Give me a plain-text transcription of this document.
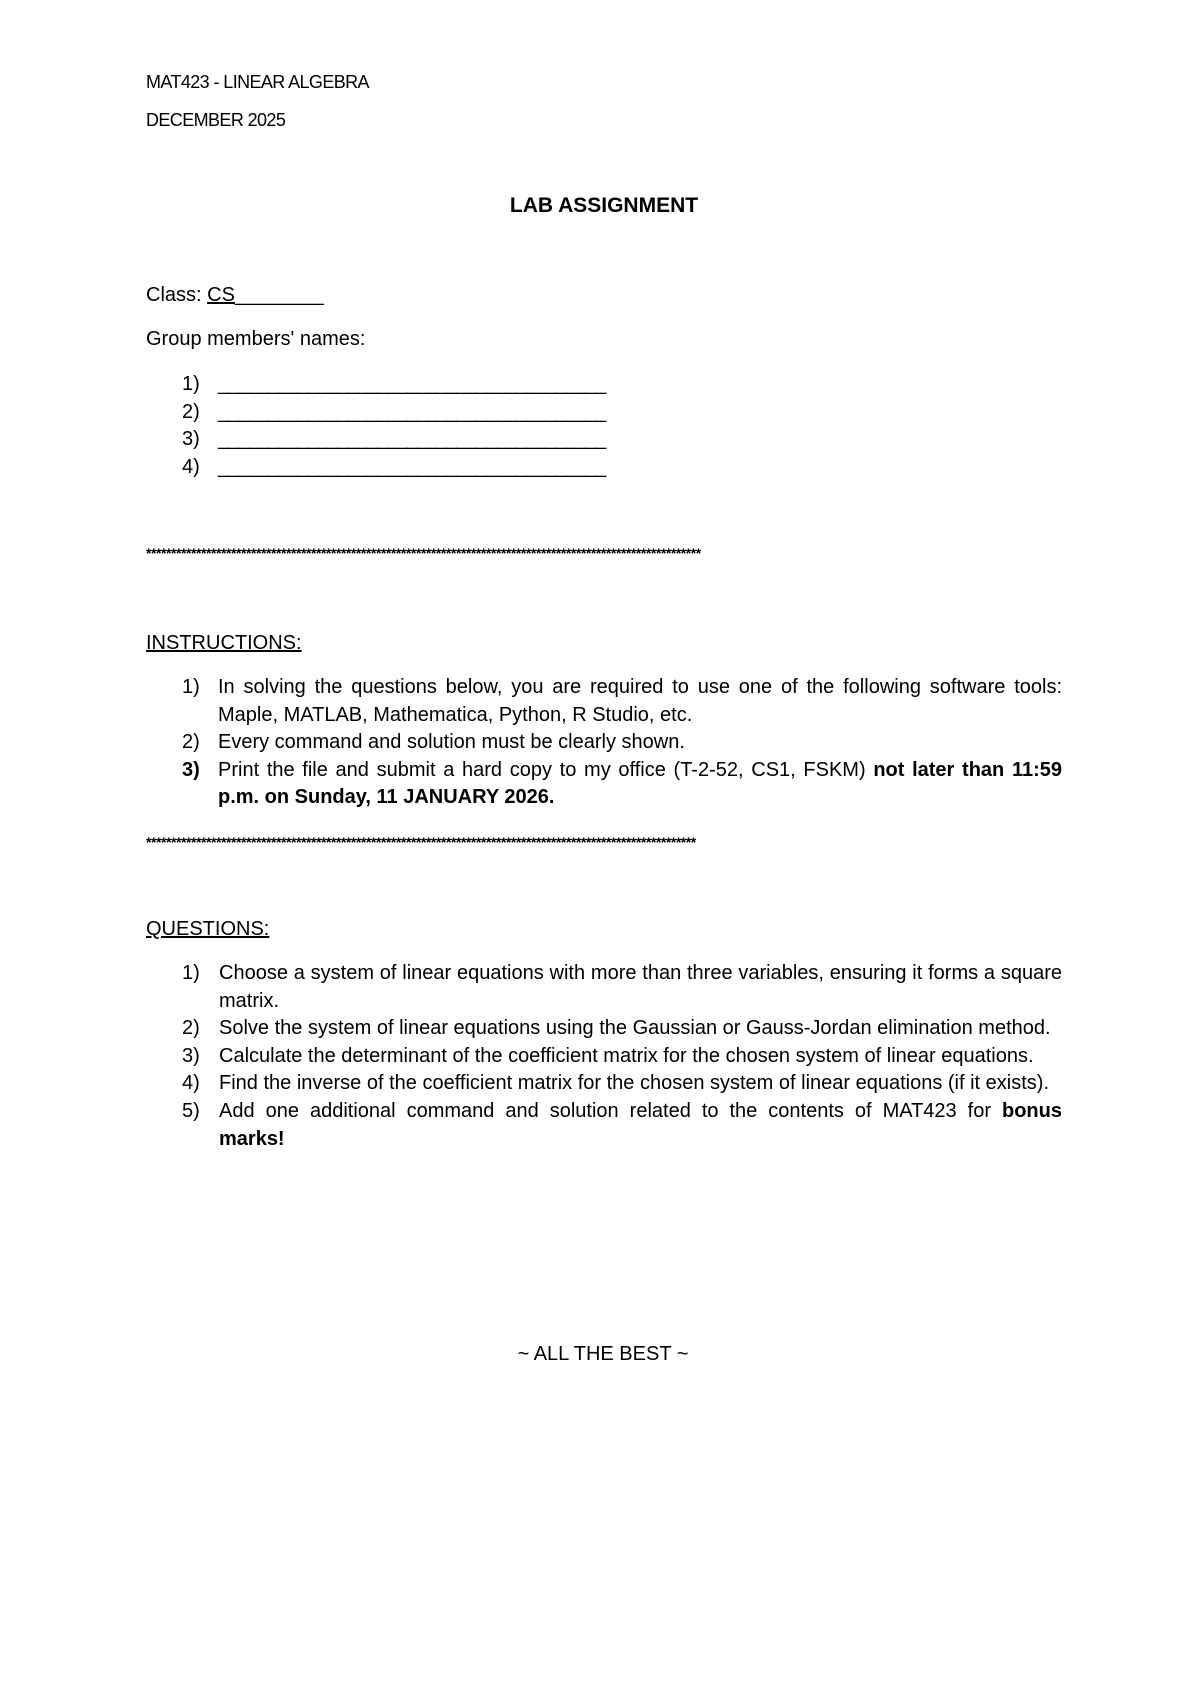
MAT423 - LINEAR ALGEBRA
DECEMBER 2025
LAB ASSIGNMENT
Class: CS________
Group members' names:
1) _______________________________________
2) _______________________________________
3) _______________________________________
4) _______________________________________
***************************************************************************************************************
INSTRUCTIONS:
1) In solving the questions below, you are required to use one of the following software tools: Maple, MATLAB, Mathematica, Python, R Studio, etc.
2) Every command and solution must be clearly shown.
3) Print the file and submit a hard copy to my office (T-2-52, CS1, FSKM) not later than 11:59 p.m. on Sunday, 11 JANUARY 2026.
**************************************************************************************************************
QUESTIONS:
1) Choose a system of linear equations with more than three variables, ensuring it forms a square matrix.
2) Solve the system of linear equations using the Gaussian or Gauss-Jordan elimination method.
3) Calculate the determinant of the coefficient matrix for the chosen system of linear equations.
4) Find the inverse of the coefficient matrix for the chosen system of linear equations (if it exists).
5) Add one additional command and solution related to the contents of MAT423 for bonus marks!
~ ALL THE BEST ~
